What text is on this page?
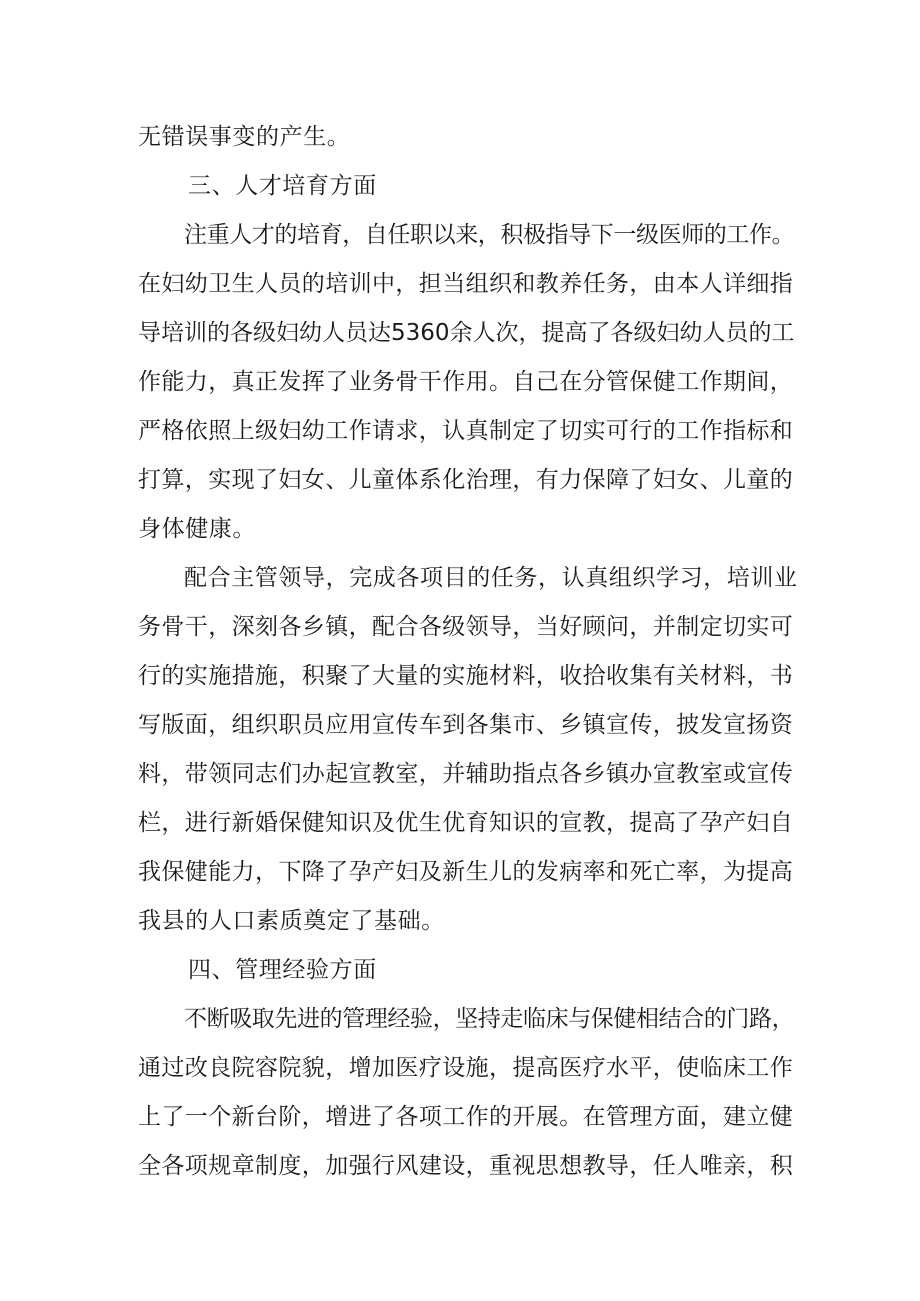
无错误事变的产生。
三、人才培育方面
注重人才的培育，自任职以来，积极指导下一级医师的工作。
在妇幼卫生人员的培训中，担当组织和教养任务，由本人详细指
导培训的各级妇幼人员达5360余人次，提高了各级妇幼人员的工
作能力，真正发挥了业务骨干作用。自己在分管保健工作期间，
严格依照上级妇幼工作请求，认真制定了切实可行的工作指标和
打算，实现了妇女、儿童体系化治理，有力保障了妇女、儿童的
身体健康。
配合主管领导，完成各项目的任务，认真组织学习，培训业
务骨干，深刻各乡镇，配合各级领导，当好顾问，并制定切实可
行的实施措施，积聚了大量的实施材料，收拾收集有关材料，书
写版面，组织职员应用宣传车到各集市、乡镇宣传，披发宣扬资
料，带领同志们办起宣教室，并辅助指点各乡镇办宣教室或宣传
栏，进行新婚保健知识及优生优育知识的宣教，提高了孕产妇自
我保健能力，下降了孕产妇及新生儿的发病率和死亡率，为提高
我县的人口素质奠定了基础。
四、管理经验方面
不断吸取先进的管理经验，坚持走临床与保健相结合的门路，
通过改良院容院貌，增加医疗设施，提高医疗水平，使临床工作
上了一个新台阶，增进了各项工作的开展。在管理方面，建立健
全各项规章制度，加强行风建设，重视思想教导，任人唯亲，积
